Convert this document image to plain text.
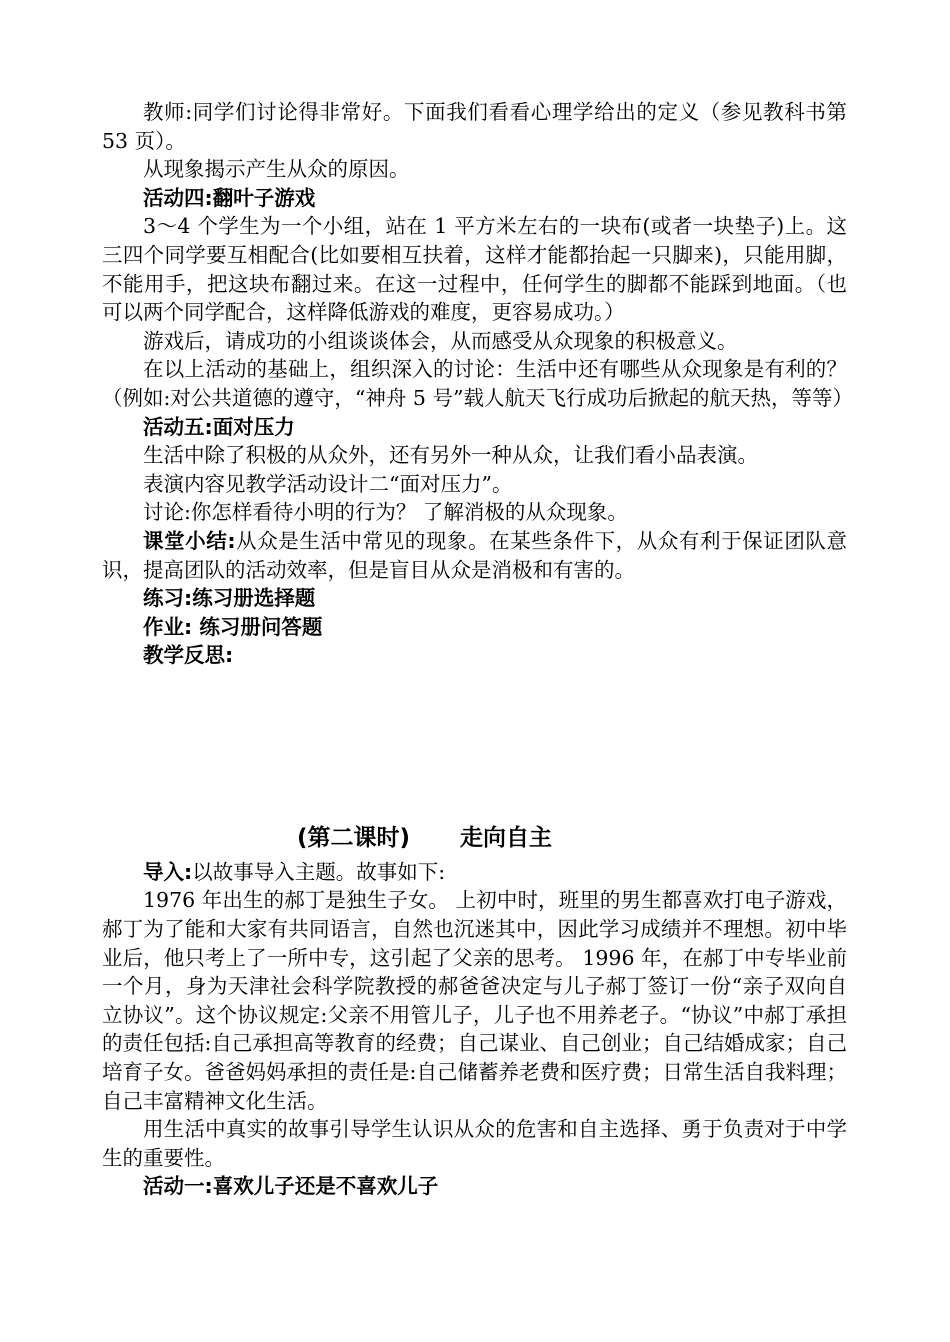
教师:同学们讨论得非常好。下面我们看看心理学给出的定义（参见教科书第 53 页）。

从现象揭示产生从众的原因。

活动四:翻叶子游戏

3～4 个学生为一个小组，站在 1 平方米左右的一块布(或者一块垫子)上。这三四个同学要互相配合(比如要相互扶着，这样才能都抬起一只脚来)，只能用脚，不能用手，把这块布翻过来。在这一过程中，任何学生的脚都不能踩到地面。（也可以两个同学配合，这样降低游戏的难度，更容易成功。）

游戏后，请成功的小组谈谈体会，从而感受从众现象的积极意义。

在以上活动的基础上，组织深入的讨论：生活中还有哪些从众现象是有利的？（例如:对公共道德的遵守，“神舟 5 号”载人航天飞行成功后掀起的航天热，等等）

活动五:面对压力

生活中除了积极的从众外，还有另外一种从众，让我们看小品表演。

表演内容见教学活动设计二“面对压力”。

讨论:你怎样看待小明的行为？ 了解消极的从众现象。

课堂小结:从众是生活中常见的现象。在某些条件下，从众有利于保证团队意识，提高团队的活动效率，但是盲目从众是消极和有害的。

练习:练习册选择题

作业: 练习册问答题

教学反思:

(第二课时) 走向自主

导入:以故事导入主题。故事如下:

1976 年出生的郝丁是独生子女。 上初中时，班里的男生都喜欢打电子游戏，郝丁为了能和大家有共同语言，自然也沉迷其中，因此学习成绩并不理想。初中毕业后，他只考上了一所中专，这引起了父亲的思考。 1996 年，在郝丁中专毕业前一个月，身为天津社会科学院教授的郝爸爸决定与儿子郝丁签订一份“亲子双向自立协议”。这个协议规定:父亲不用管儿子，儿子也不用养老子。“协议”中郝丁承担的责任包括:自己承担高等教育的经费；自己谋业、自己创业；自己结婚成家；自己培育子女。爸爸妈妈承担的责任是:自己储蓄养老费和医疗费；日常生活自我料理；自己丰富精神文化生活。

用生活中真实的故事引导学生认识从众的危害和自主选择、勇于负责对于中学生的重要性。

活动一:喜欢儿子还是不喜欢儿子
